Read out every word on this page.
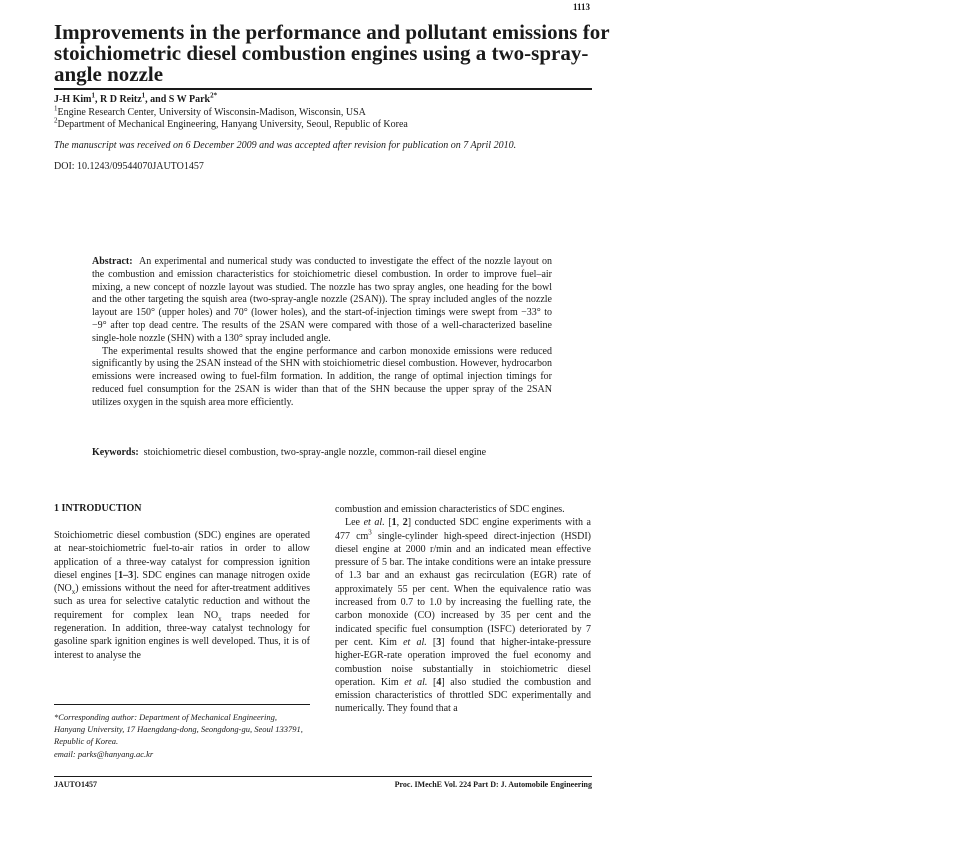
1113
Improvements in the performance and pollutant emissions for stoichiometric diesel combustion engines using a two-spray-angle nozzle
J-H Kim$^1$, R D Reitz$^1$, and S W Park$^{2*}$
$^1$Engine Research Center, University of Wisconsin-Madison, Wisconsin, USA
$^2$Department of Mechanical Engineering, Hanyang University, Seoul, Republic of Korea
The manuscript was received on 6 December 2009 and was accepted after revision for publication on 7 April 2010.
DOI: 10.1243/09544070JAUTO1457

Abstract: An experimental and numerical study was conducted to investigate the effect of the nozzle layout on the combustion and emission characteristics for stoichiometric diesel combustion. In order to improve fuel–air mixing, a new concept of nozzle layout was studied. The nozzle has two spray angles, one heading for the bowl and the other targeting the squish area (two-spray-angle nozzle (2SAN)). The spray included angles of the nozzle layout are 150° (upper holes) and 70° (lower holes), and the start-of-injection timings were swept from −33° to −9° after top dead centre. The results of the 2SAN were compared with those of a well-characterized baseline single-hole nozzle (SHN) with a 130° spray included angle.

The experimental results showed that the engine performance and carbon monoxide emissions were reduced significantly by using the 2SAN instead of the SHN with stoichiometric diesel combustion. However, hydrocarbon emissions were increased owing to fuel-film formation. In addition, the range of optimal injection timings for reduced fuel consumption for the 2SAN is wider than that of the SHN because the upper spray of the 2SAN utilizes oxygen in the squish area more efficiently.

Keywords: stoichiometric diesel combustion, two-spray-angle nozzle, common-rail diesel engine
1 INTRODUCTION

Stoichiometric diesel combustion (SDC) engines are operated at near-stoichiometric fuel-to-air ratios in order to allow application of a three-way catalyst for compression ignition diesel engines [1–3]. SDC engines can manage nitrogen oxide $(NO_x)$ emissions without the need for after-treatment additives such as urea for selective catalytic reduction and without the requirement for complex lean $NO_x$ traps needed for regeneration. In addition, three-way catalyst technology for gasoline spark ignition engines is well developed. Thus, it is of interest to analyse the

*Corresponding author: Department of Mechanical Engineering, Hanyang University, 17 Haengdang-dong, Seongdong-gu, Seoul 133791, Republic of Korea.
email: parks@hanyang.ac.kr

combustion and emission characteristics of SDC engines.
Lee et al. [1, 2] conducted SDC engine experiments with a 477 $cm^3$ single-cylinder high-speed direct-injection (HSDI) diesel engine at 2000 r/min and an indicated mean effective pressure of 5 bar. The intake conditions were an intake pressure of 1.3 bar and an exhaust gas recirculation (EGR) rate of approximately 55 per cent. When the equivalence ratio was increased from 0.7 to 1.0 by increasing the fuelling rate, the carbon monoxide (CO) increased by 35 per cent and the indicated specific fuel consumption (ISFC) deteriorated by 7 per cent. Kim et al. [3] found that higher-intake-pressure higher-EGR-rate operation improved the fuel economy and combustion noise substantially in stoichiometric diesel operation. Kim et al. [4] also studied the combustion and emission characteristics of throttled SDC experimentally and numerically. They found that a

JAUTO1457	Proc. IMechE Vol. 224 Part D: J. Automobile Engineering
